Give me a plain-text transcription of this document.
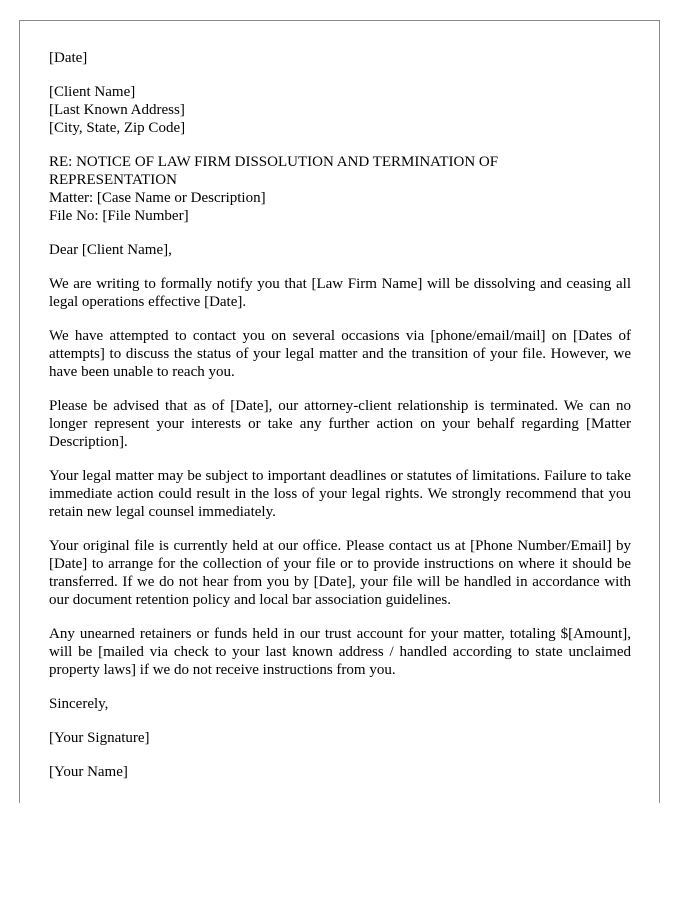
[Date]
[Client Name]
[Last Known Address]
[City, State, Zip Code]
RE: NOTICE OF LAW FIRM DISSOLUTION AND TERMINATION OF
REPRESENTATION
Matter: [Case Name or Description]
File No: [File Number]
Dear [Client Name],

We are writing to formally notify you that [Law Firm Name] will be dissolving and ceasing all legal operations effective [Date].

We have attempted to contact you on several occasions via [phone/email/mail] on [Dates of attempts] to discuss the status of your legal matter and the transition of your file. However, we have been unable to reach you.

Please be advised that as of [Date], our attorney-client relationship is terminated. We can no longer represent your interests or take any further action on your behalf regarding [Matter Description].

Your legal matter may be subject to important deadlines or statutes of limitations. Failure to take immediate action could result in the loss of your legal rights. We strongly recommend that you retain new legal counsel immediately.

Your original file is currently held at our office. Please contact us at [Phone Number/Email] by [Date] to arrange for the collection of your file or to provide instructions on where it should be transferred. If we do not hear from you by [Date], your file will be handled in accordance with our document retention policy and local bar association guidelines.

Any unearned retainers or funds held in our trust account for your matter, totaling $[Amount], will be [mailed via check to your last known address / handled according to state unclaimed property laws] if we do not receive instructions from you.

Sincerely,
[Your Signature]
[Your Name]
